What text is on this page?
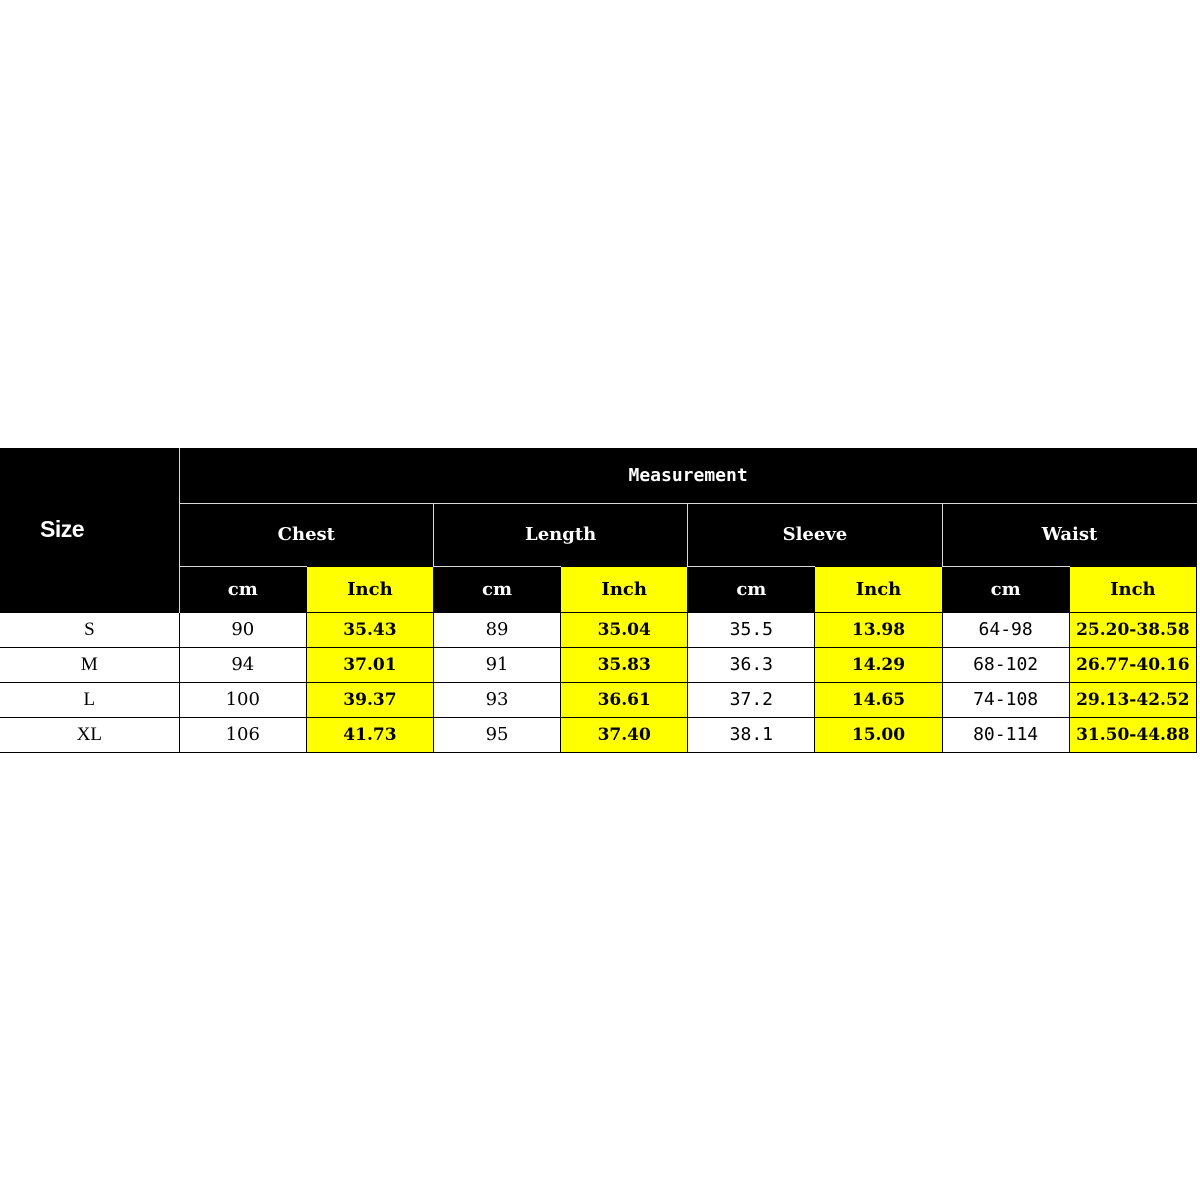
Size	Measurement							
	Chest		Length		Sleeve		Waist	
	cm	Inch	cm	Inch	cm	Inch	cm	Inch
S	90	35.43	89	35.04	35.5	13.98	64-98	25.20-38.58
M	94	37.01	91	35.83	36.3	14.29	68-102	26.77-40.16
L	100	39.37	93	36.61	37.2	14.65	74-108	29.13-42.52
XL	106	41.73	95	37.40	38.1	15.00	80-114	31.50-44.88
